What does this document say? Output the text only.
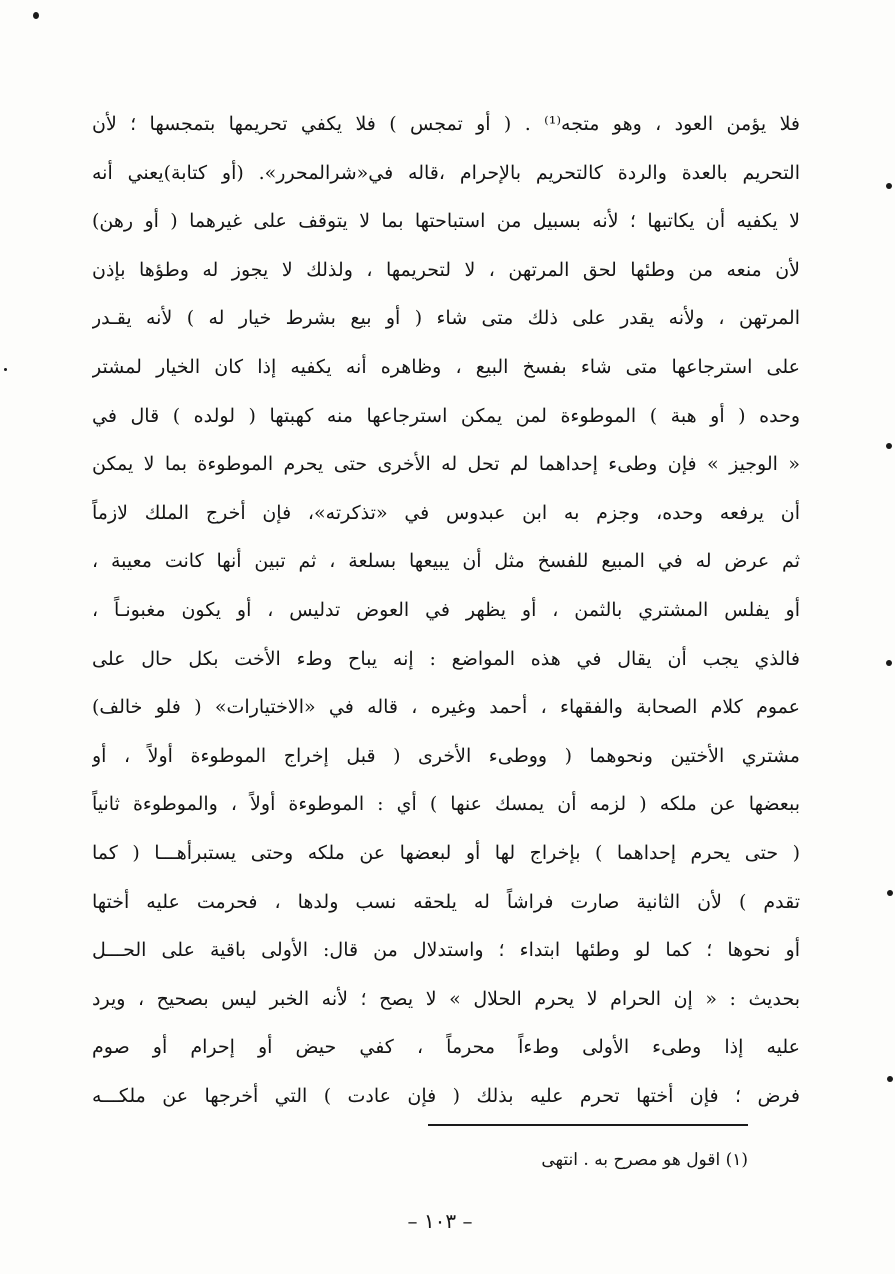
فلا يؤمن العود ، وهو متجه⁽¹⁾ . ( أو تمجس ) فلا يكفي تحريمها بتمجسها ؛ لأن
التحريم بالعدة والردة كالتحريم بالإحرام ،قاله في«شرالمحرر». (أو كتابة)يعني أنه
لا يكفيه أن يكاتبها ؛ لأنه بسبيل من استباحتها بما لا يتوقف على غيرهما ( أو رهن)
لأن منعه من وطئها لحق المرتهن ، لا لتحريمها ، ولذلك لا يجوز له وطؤها بإذن
المرتهن ، ولأنه يقدر على ذلك متى شاء ( أو بيع بشرط خيار له ) لأنه يقـدر
على استرجاعها متى شاء بفسخ البيع ، وظاهره أنه يكفيه إذا كان الخيار لمشتر
وحده ( أو هبة ) الموطوءة لمن يمكن استرجاعها منه كهبتها ( لولده ) قال في
« الوجيز » فإن وطىء إحداهما لم تحل له الأخرى حتى يحرم الموطوءة بما لا يمكن
أن يرفعه وحده، وجزم به ابن عبدوس في «تذكرته»، فإن أخرج الملك لازماً
ثم عرض له في المبيع للفسخ مثل أن يبيعها بسلعة ، ثم تبين أنها كانت معيبة ،
أو يفلس المشتري بالثمن ، أو يظهر في العوض تدليس ، أو يكون مغبونـاً ،
فالذي يجب أن يقال في هذه المواضع : إنه يباح وطء الأخت بكل حال على
عموم كلام الصحابة والفقهاء ، أحمد وغيره ، قاله في «الاختيارات» ( فلو خالف)
مشتري الأختين ونحوهما ( ووطىء الأخرى ( قبل إخراج الموطوءة أولاً ، أو
ببعضها عن ملكه ( لزمه أن يمسك عنها ) أي : الموطوءة أولاً ، والموطوءة ثانياً
( حتى يحرم إحداهما ) بإخراج لها أو لبعضها عن ملكه وحتى يستبرأهـــا ( كما
تقدم ) لأن الثانية صارت فراشاً له يلحقه نسب ولدها ، فحرمت عليه أختها
أو نحوها ؛ كما لو وطئها ابتداء ؛ واستدلال من قال: الأولى باقية على الحـــل
بحديث : « إن الحرام لا يحرم الحلال » لا يصح ؛ لأنه الخبر ليس بصحيح ، ويرد
عليه إذا وطىء الأولى وطءاً محرماً ، كفي حيض أو إحرام أو صوم
فرض ؛ فإن أختها تحرم عليه بذلك ( فإن عادت ) التي أخرجها عن ملكـــه
(١) اقول هو مصرح به . انتهى
– ١٠٣ –
